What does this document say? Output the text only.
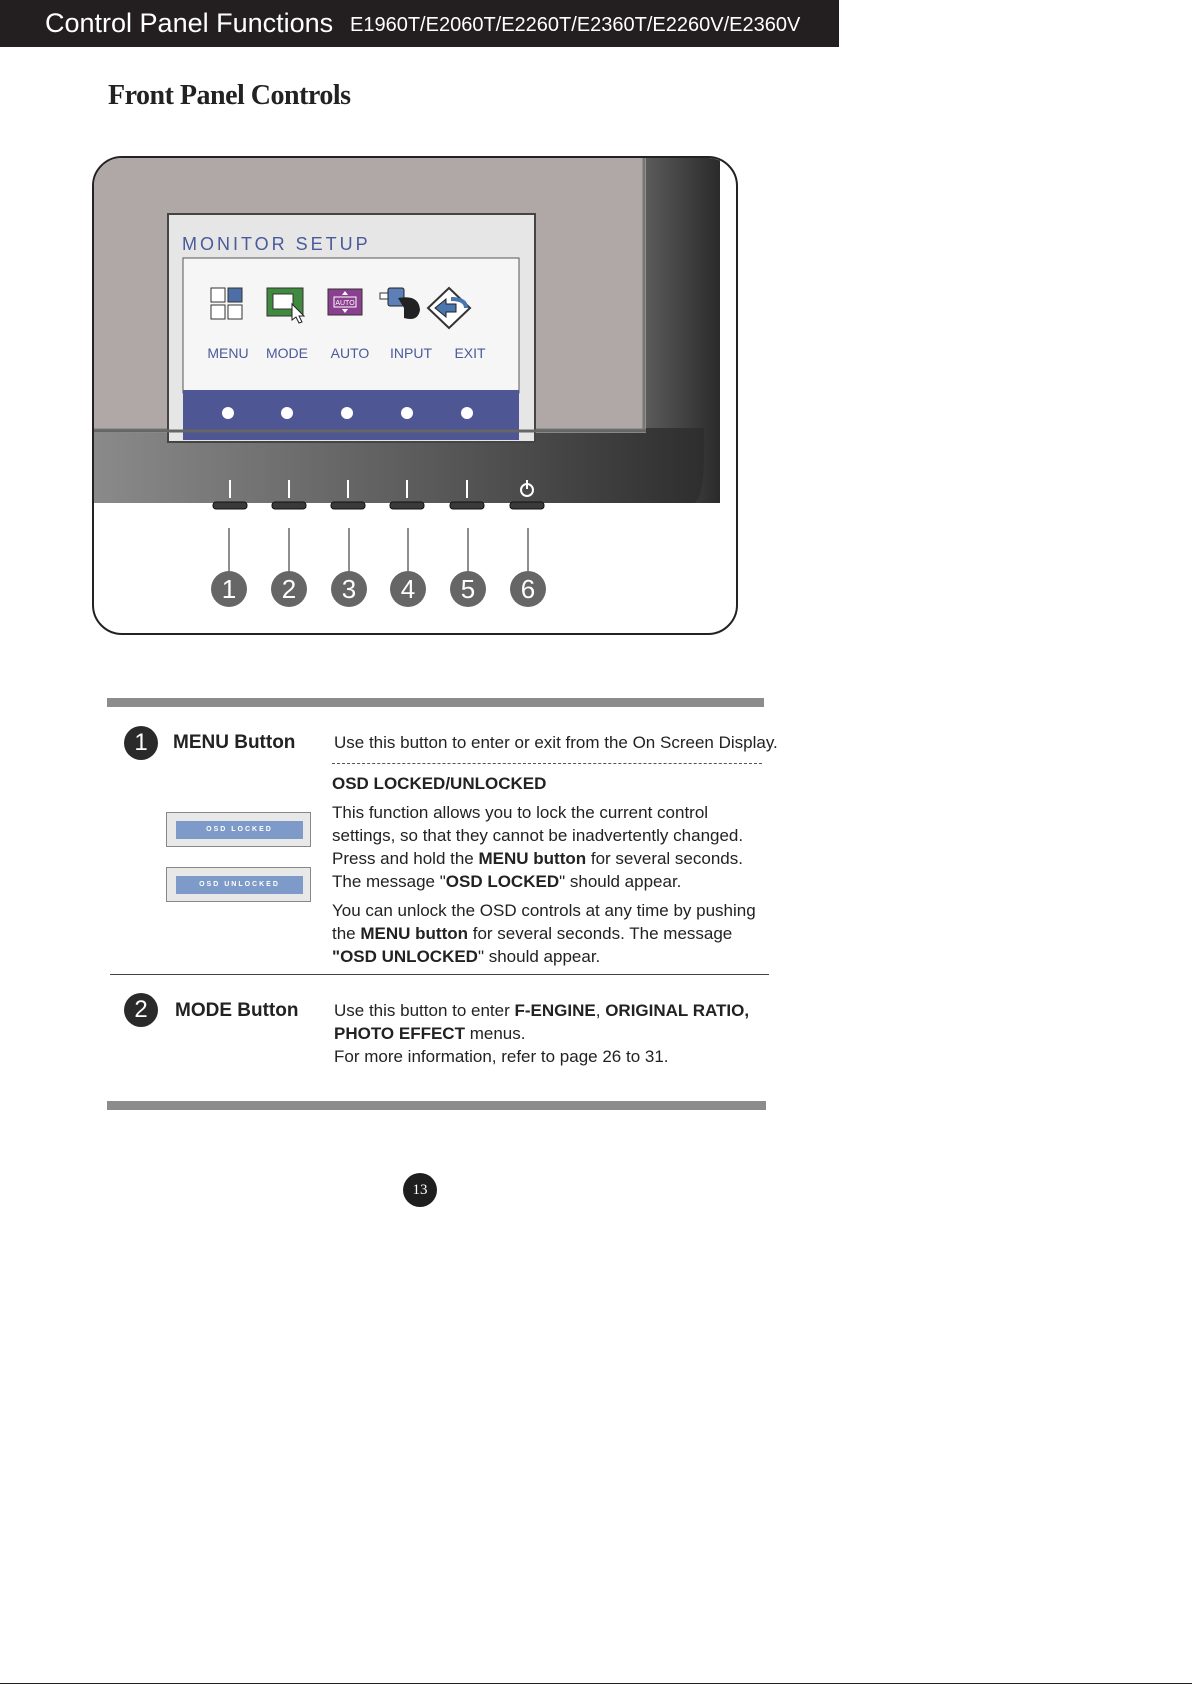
Control Panel Functions E1960T/E2060T/E2260T/E2360T/E2260V/E2360V
Front Panel Controls
MONITOR SETUP
AUTO
MENU MODE AUTO INPUT EXIT
1	2	3	4	5	6
1	MENU Button Use this button to enter or exit from the On Screen Display.
OSD LOCKED/UNLOCKED
This function allows you to lock the current control
settings, so that they cannot be inadvertently changed.
Press and hold the MENU button for several seconds.
The message "OSD LOCKED" should appear.
You can unlock the OSD controls at any time by pushing
the MENU button for several seconds. The message
"OSD UNLOCKED" should appear.
OSD LOCKED
OSD UNLOCKED
2	MODE Button Use this button to enter F-ENGINE, ORIGINAL RATIO,
PHOTO EFFECT menus.
For more information, refer to page 26 to 31.
13
